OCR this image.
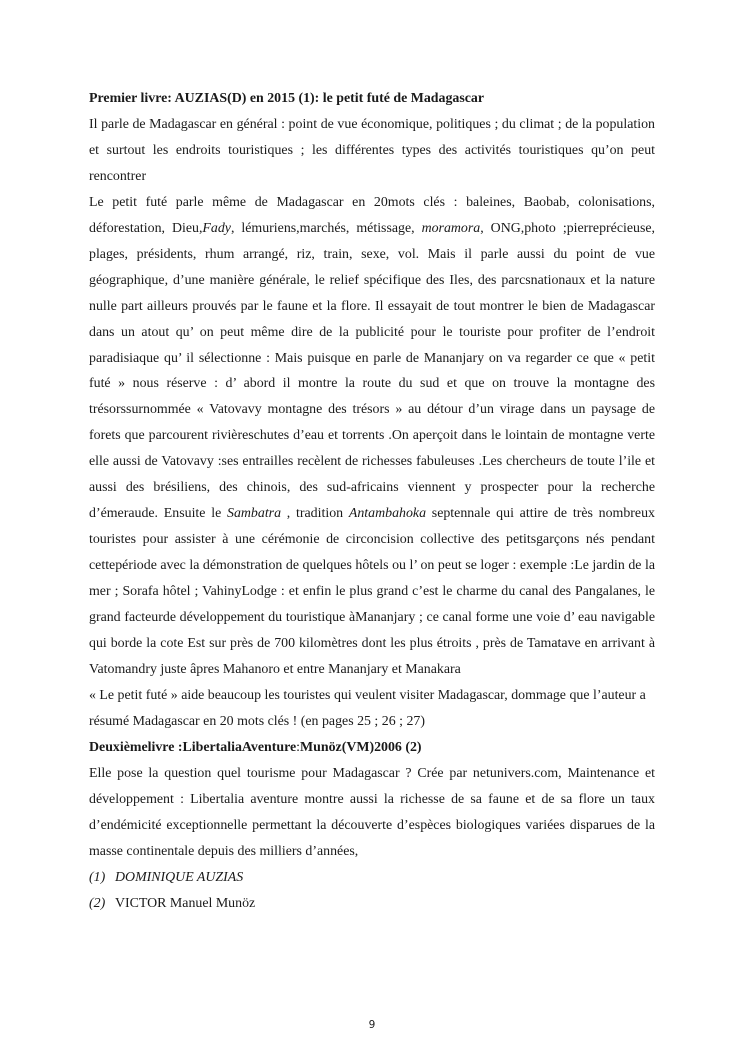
Premier livre: AUZIAS(D) en 2015 (1): le petit futé de Madagascar

Il parle de Madagascar en général : point de vue économique, politiques ; du climat ; de la population et surtout les endroits touristiques ; les différentes types des activités touristiques qu’on peut rencontrer

Le petit futé parle même de Madagascar en 20mots clés : baleines, Baobab, colonisations, déforestation, Dieu,Fady, lémuriens,marchés, métissage, moramora, ONG,photo ;pierreprécieuse, plages, présidents, rhum arrangé, riz, train, sexe, vol. Mais il parle aussi du point de vue géographique, d’une manière générale, le relief spécifique des Iles, des parcsnationaux et la nature nulle part ailleurs prouvés par le faune et la flore. Il essayait de tout montrer le bien de Madagascar dans un atout qu’ on peut même dire de la publicité pour le touriste pour profiter de l’endroit paradisiaque qu’ il sélectionne : Mais puisque en parle de Mananjary on va regarder ce que « petit futé » nous réserve : d’ abord il montre la route du sud et que on trouve la montagne des trésorssurnommée « Vatovavy montagne des trésors » au détour d’un virage dans un paysage de forets que parcourent rivièreschutes d’eau et torrents .On aperçoit dans le lointain de montagne verte elle aussi de Vatovavy :ses entrailles recèlent de richesses fabuleuses .Les chercheurs de toute l’ile et aussi des brésiliens, des chinois, des sud-africains viennent y prospecter pour la recherche d’émeraude. Ensuite le Sambatra , tradition Antambahoka septennale qui attire de très nombreux touristes pour assister à une cérémonie de circoncision collective des petitsgarçons nés pendant cettepériode avec la démonstration de quelques hôtels ou l’ on peut se loger : exemple :Le jardin de la mer ; Sorafa hôtel ; VahinyLodge : et enfin le plus grand c’est le charme du canal des Pangalanes, le grand facteurde développement du touristique àMananjary ; ce canal forme une voie d’ eau navigable qui borde la cote Est sur près de 700 kilomètres dont les plus étroits , près de Tamatave en arrivant à Vatomandry juste âpres Mahanoro et entre Mananjary et Manakara

« Le petit futé » aide beaucoup les touristes qui veulent visiter Madagascar, dommage que l’auteur a résumé Madagascar en 20 mots clés ! (en pages 25 ; 26 ; 27)

Deuxièmelivre :LibertaliaAventure:Munöz(VM)2006 (2)

Elle pose la question quel tourisme pour Madagascar ? Crée par netunivers.com, Maintenance et développement : Libertalia aventure montre aussi la richesse de sa faune et de sa flore un taux d’endémicité exceptionnelle permettant la découverte d’espèces biologiques variées disparues de la masse continentale depuis des milliers d’années,

(1) DOMINIQUE AUZIAS

(2) VICTOR Manuel Munöz

9
